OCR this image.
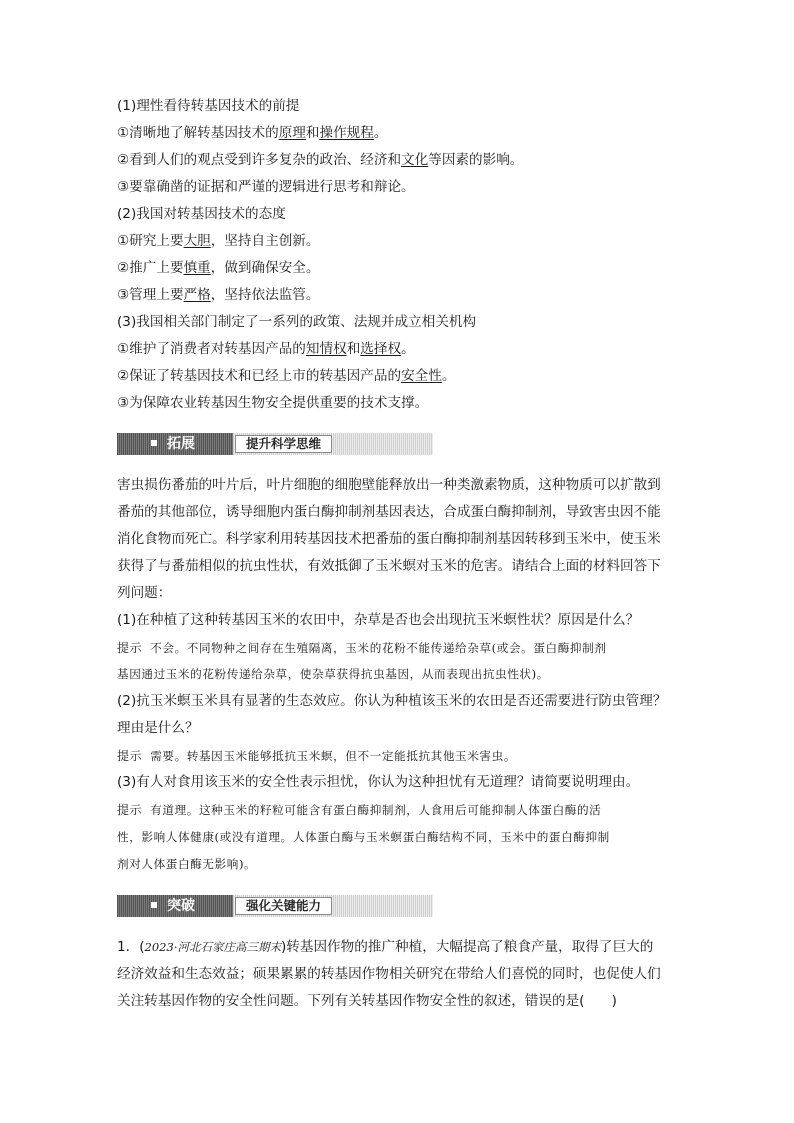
(1)理性看待转基因技术的前提
①清晰地了解转基因技术的原理和操作规程。
②看到人们的观点受到许多复杂的政治、经济和文化等因素的影响。
③要靠确凿的证据和严谨的逻辑进行思考和辩论。
(2)我国对转基因技术的态度
①研究上要大胆，坚持自主创新。
②推广上要慎重，做到确保安全。
③管理上要严格，坚持依法监管。
(3)我国相关部门制定了一系列的政策、法规并成立相关机构
①维护了消费者对转基因产品的知情权和选择权。
②保证了转基因技术和已经上市的转基因产品的安全性。
③为保障农业转基因生物安全提供重要的技术支撑。
拓展	提升科学思维
害虫损伤番茄的叶片后，叶片细胞的细胞壁能释放出一种类激素物质，这种物质可以扩散到
番茄的其他部位，诱导细胞内蛋白酶抑制剂基因表达，合成蛋白酶抑制剂，导致害虫因不能
消化食物而死亡。科学家利用转基因技术把番茄的蛋白酶抑制剂基因转移到玉米中，使玉米
获得了与番茄相似的抗虫性状，有效抵御了玉米螟对玉米的危害。请结合上面的材料回答下
列问题：
(1)在种植了这种转基因玉米的农田中，杂草是否也会出现抗玉米螟性状？原因是什么？
提示 不会。不同物种之间存在生殖隔离，玉米的花粉不能传递给杂草(或会。蛋白酶抑制剂
基因通过玉米的花粉传递给杂草，使杂草获得抗虫基因，从而表现出抗虫性状)。
(2)抗玉米螟玉米具有显著的生态效应。你认为种植该玉米的农田是否还需要进行防虫管理？
理由是什么？
提示 需要。转基因玉米能够抵抗玉米螟，但不一定能抵抗其他玉米害虫。
(3)有人对食用该玉米的安全性表示担忧，你认为这种担忧有无道理？请简要说明理由。
提示 有道理。这种玉米的籽粒可能含有蛋白酶抑制剂，人食用后可能抑制人体蛋白酶的活
性，影响人体健康(或没有道理。人体蛋白酶与玉米螟蛋白酶结构不同，玉米中的蛋白酶抑制
剂对人体蛋白酶无影响)。
突破	强化关键能力
1．(2023·河北石家庄高三期末)转基因作物的推广种植，大幅提高了粮食产量，取得了巨大的
经济效益和生态效益；硕果累累的转基因作物相关研究在带给人们喜悦的同时，也促使人们
关注转基因作物的安全性问题。下列有关转基因作物安全性的叙述，错误的是(　　)
